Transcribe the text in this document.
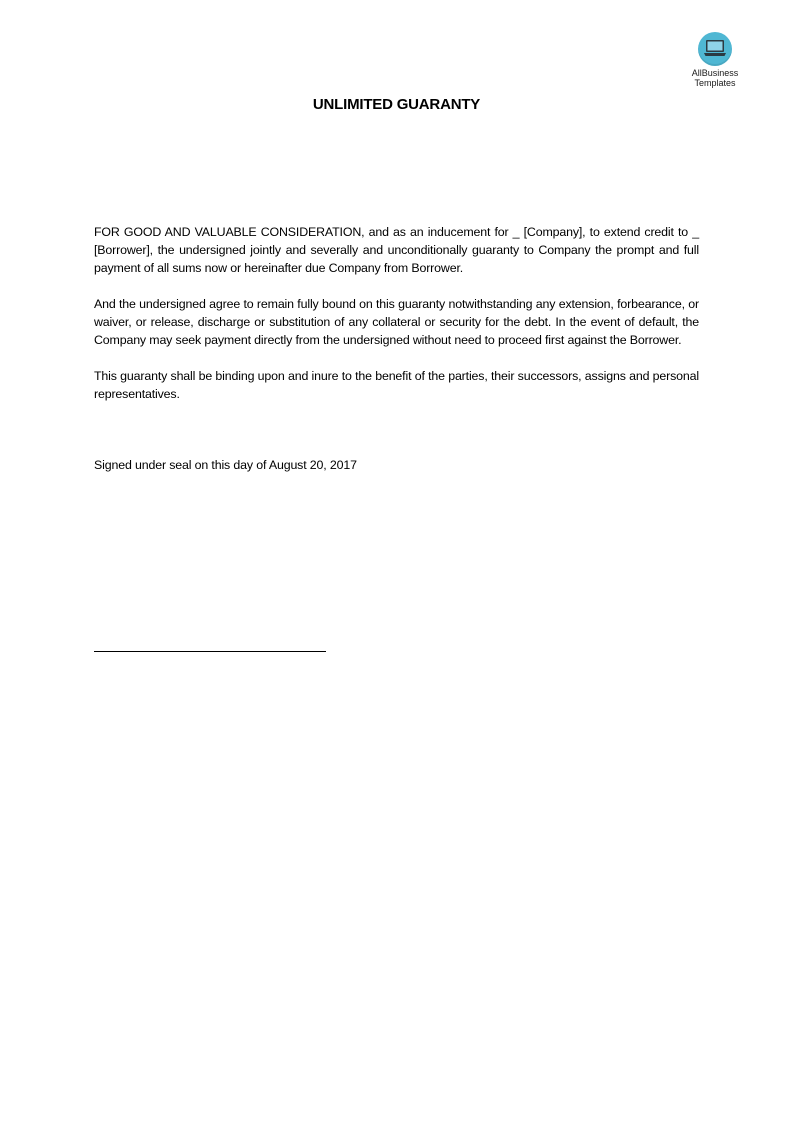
AllBusiness
Templates
UNLIMITED GUARANTY

FOR GOOD AND VALUABLE CONSIDERATION, and as an inducement for _ [Company], to extend credit to _ [Borrower], the undersigned jointly and severally and unconditionally guaranty to Company the prompt and full payment of all sums now or hereinafter due Company from Borrower.

And the undersigned agree to remain fully bound on this guaranty notwithstanding any extension, forbearance, or waiver, or release, discharge or substitution of any collateral or security for the debt. In the event of default, the Company may seek payment directly from the undersigned without need to proceed first against the Borrower.

This guaranty shall be binding upon and inure to the benefit of the parties, their successors, assigns and personal representatives.

Signed under seal on this day of August 20, 2017
